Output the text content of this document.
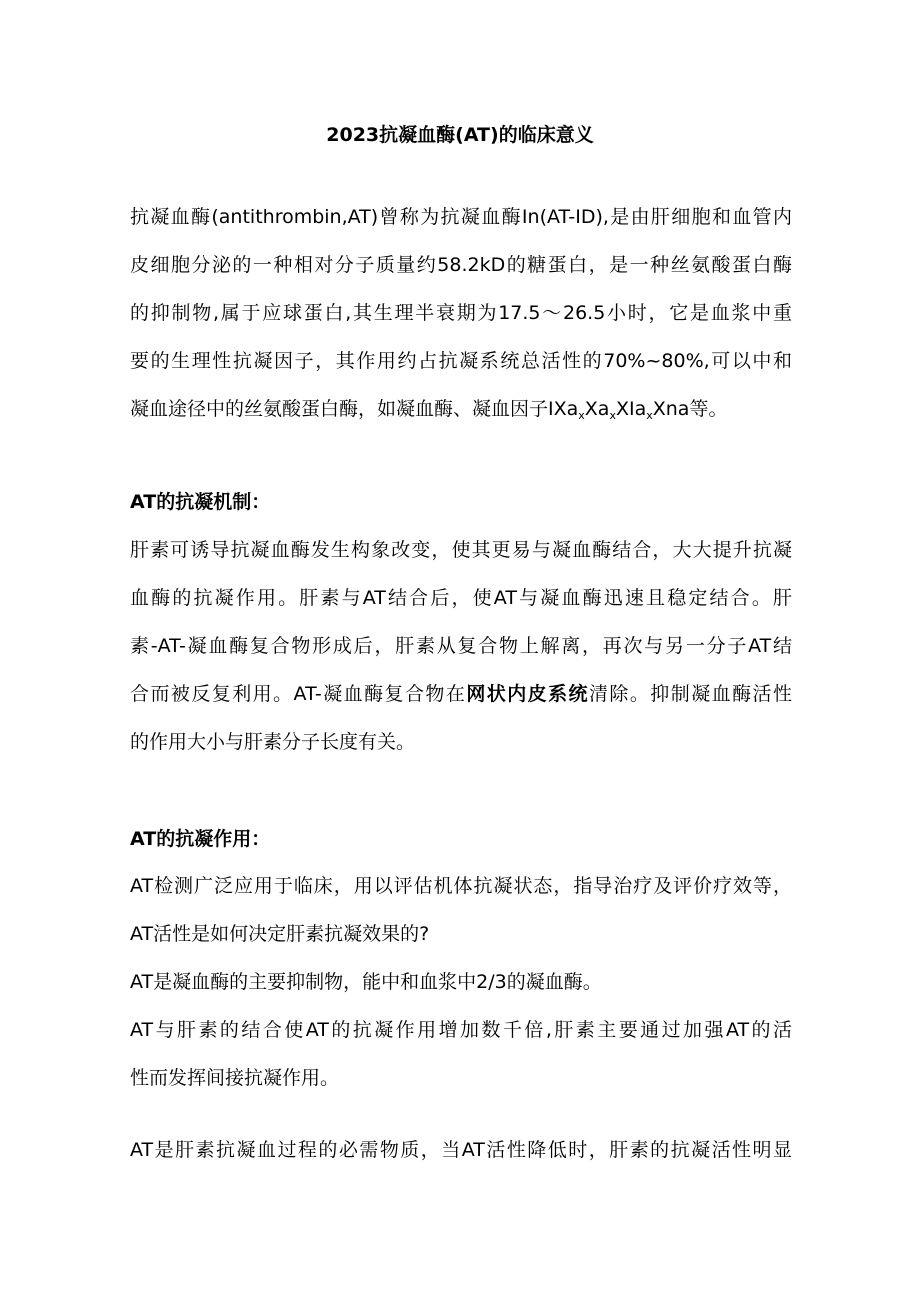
2023抗凝血酶(AT)的临床意义
抗凝血酶(antithrombin,AT)曾称为抗凝血酶In(AT-ID),是由肝细胞和血管内
皮细胞分泌的一种相对分子质量约58.2kD的糖蛋白，是一种丝氨酸蛋白酶
的抑制物,属于应球蛋白,其生理半衰期为17.5～26.5小时，它是血浆中重
要的生理性抗凝因子，其作用约占抗凝系统总活性的70%~80%,可以中和
凝血途径中的丝氨酸蛋白酶，如凝血酶、凝血因子$IXa_xXa_xXIa_xXna$等。
AT的抗凝机制：
肝素可诱导抗凝血酶发生构象改变，使其更易与凝血酶结合，大大提升抗凝
血酶的抗凝作用。肝素与AT结合后，使AT与凝血酶迅速且稳定结合。肝
素-AT-凝血酶复合物形成后，肝素从复合物上解离，再次与另一分子AT结
合而被反复利用。AT-凝血酶复合物在网状内皮系统清除。抑制凝血酶活性
的作用大小与肝素分子长度有关。
AT的抗凝作用：
AT检测广泛应用于临床，用以评估机体抗凝状态，指导治疗及评价疗效等，
AT活性是如何决定肝素抗凝效果的?
AT是凝血酶的主要抑制物，能中和血浆中2/3的凝血酶。
AT与肝素的结合使AT的抗凝作用增加数千倍,肝素主要通过加强AT的活
性而发挥间接抗凝作用。
AT是肝素抗凝血过程的必需物质，当AT活性降低时，肝素的抗凝活性明显
